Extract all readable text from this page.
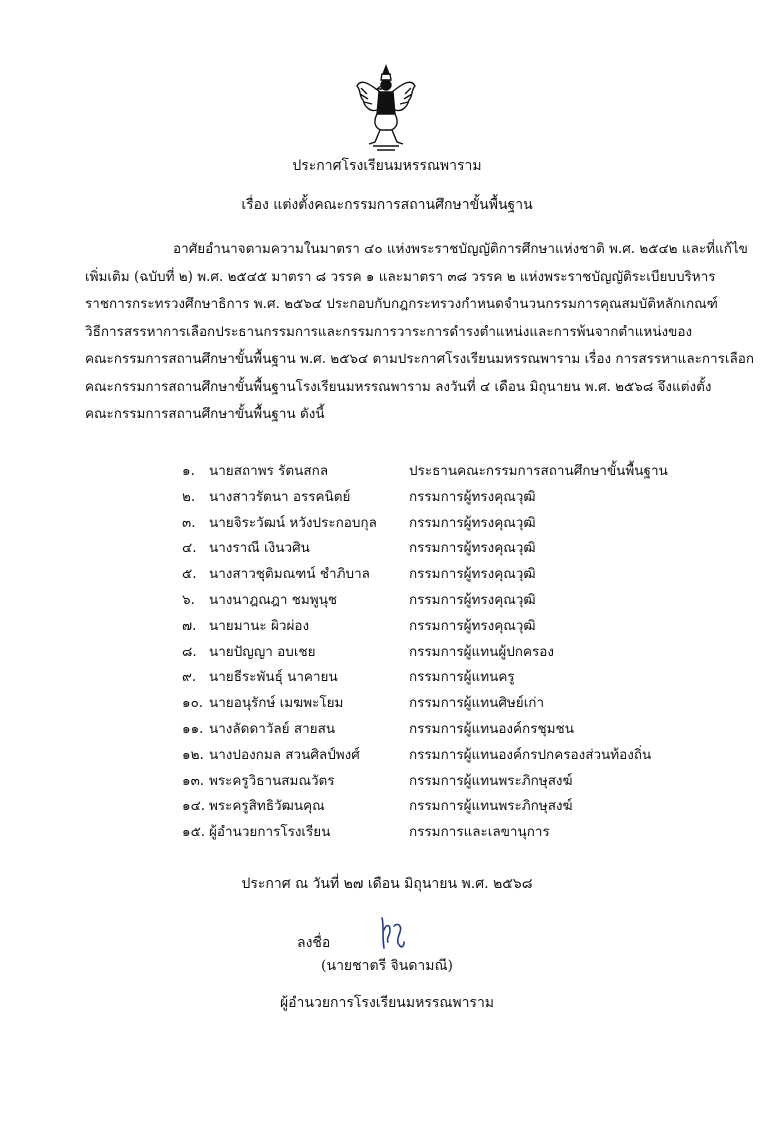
ประกาศโรงเรียนมหรรณพาราม
เรื่อง แต่งตั้งคณะกรรมการสถานศึกษาขั้นพื้นฐาน
อาศัยอำนาจตามความในมาตรา ๔๐ แห่งพระราชบัญญัติการศึกษาแห่งชาติ พ.ศ. ๒๕๔๒ และที่แก้ไข
เพิ่มเติม (ฉบับที่ ๒) พ.ศ. ๒๕๔๕ มาตรา ๘ วรรค ๑ และมาตรา ๓๘ วรรค ๒ แห่งพระราชบัญญัติระเบียบบริหาร
ราชการกระทรวงศึกษาธิการ พ.ศ. ๒๕๖๔ ประกอบกับกฎกระทรวงกำหนดจำนวนกรรมการคุณสมบัติหลักเกณฑ์
วิธีการสรรหาการเลือกประธานกรรมการและกรรมการวาระการดำรงตำแหน่งและการพ้นจากตำแหน่งของ
คณะกรรมการสถานศึกษาขั้นพื้นฐาน พ.ศ. ๒๕๖๔ ตามประกาศโรงเรียนมหรรณพาราม เรื่อง การสรรหาและการเลือก
คณะกรรมการสถานศึกษาขั้นพื้นฐานโรงเรียนมหรรณพาราม ลงวันที่ ๔ เดือน มิถุนายน พ.ศ. ๒๕๖๘ จึงแต่งตั้ง
คณะกรรมการสถานศึกษาขั้นพื้นฐาน ดังนี้
๑. นายสถาพร รัตนสกล	ประธานคณะกรรมการสถานศึกษาขั้นพื้นฐาน
๒. นางสาวรัตนา อรรคนิตย์	กรรมการผู้ทรงคุณวุฒิ
๓. นายจิระวัฒน์ หวังประกอบกุล กรรมการผู้ทรงคุณวุฒิ
๔. นางราณี เงินวศิน	กรรมการผู้ทรงคุณวุฒิ
๕. นางสาวชุติมณฑน์ ชำภิบาล	กรรมการผู้ทรงคุณวุฒิ
๖. นางนาฎณฎา ชมพูนุช	กรรมการผู้ทรงคุณวุฒิ
๗. นายมานะ ผิวผ่อง	กรรมการผู้ทรงคุณวุฒิ
๘. นายปัญญา อบเชย	กรรมการผู้แทนผู้ปกครอง
๙. นายธีระพันธุ์ นาคายน	กรรมการผู้แทนครู
๑๐. นายอนุรักษ์ เมฆพะโยม	กรรมการผู้แทนศิษย์เก่า
๑๑. นางลัดดาวัลย์ สายสน	กรรมการผู้แทนองค์กรชุมชน
๑๒. นางปองกมล สวนศิลป์พงศ์	กรรมการผู้แทนองค์กรปกครองส่วนท้องถิ่น
๑๓. พระครูวิธานสมณวัตร	กรรมการผู้แทนพระภิกษุสงฆ์
๑๔. พระครูสิทธิวัฒนคุณ	กรรมการผู้แทนพระภิกษุสงฆ์
๑๕. ผู้อำนวยการโรงเรียน	กรรมการและเลขานุการ
ประกาศ ณ วันที่ ๒๗ เดือน มิถุนายน พ.ศ. ๒๕๖๘
ลงชื่อ
(นายชาตรี จินดามณี)
ผู้อำนวยการโรงเรียนมหรรณพาราม
